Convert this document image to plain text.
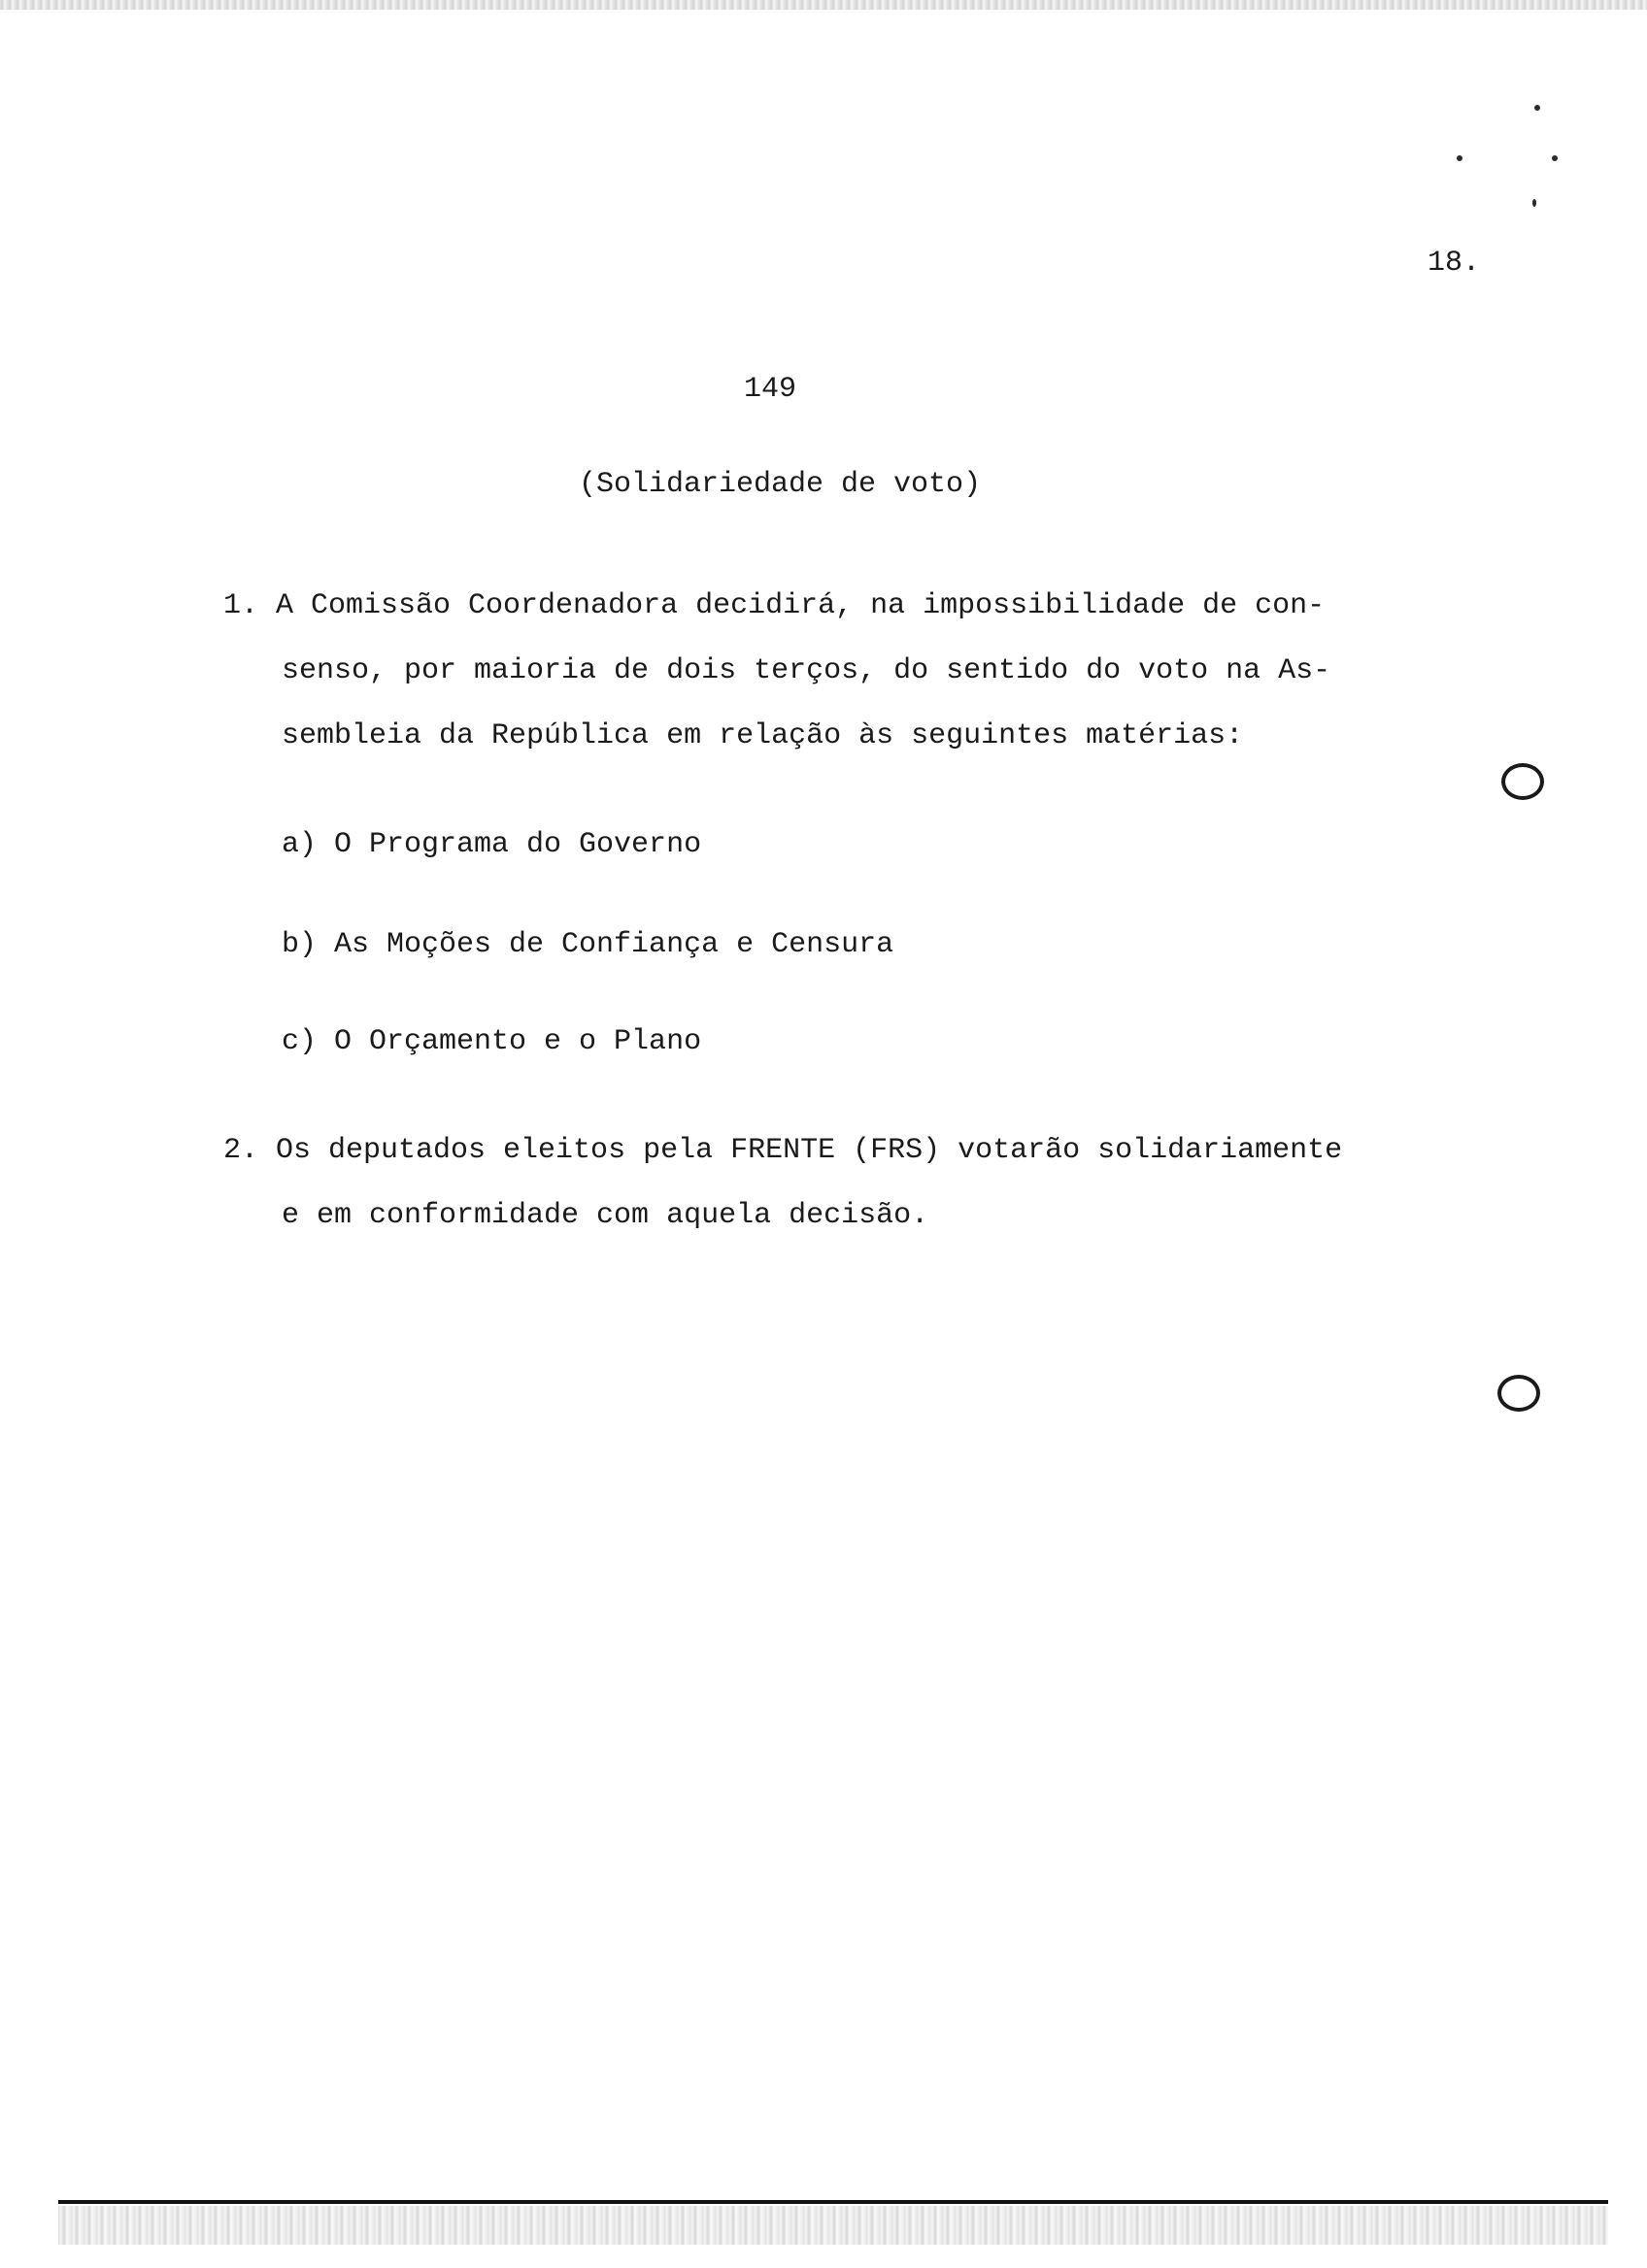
18.
149
(Solidariedade de voto)
1. A Comissão Coordenadora decidirá, na impossibilidade de con-
senso, por maioria de dois terços, do sentido do voto na As-
sembleia da República em relação às seguintes matérias:
a) O Programa do Governo
b) As Moções de Confiança e Censura
c) O Orçamento e o Plano
2. Os deputados eleitos pela FRENTE (FRS) votarão solidariamente
e em conformidade com aquela decisão.
